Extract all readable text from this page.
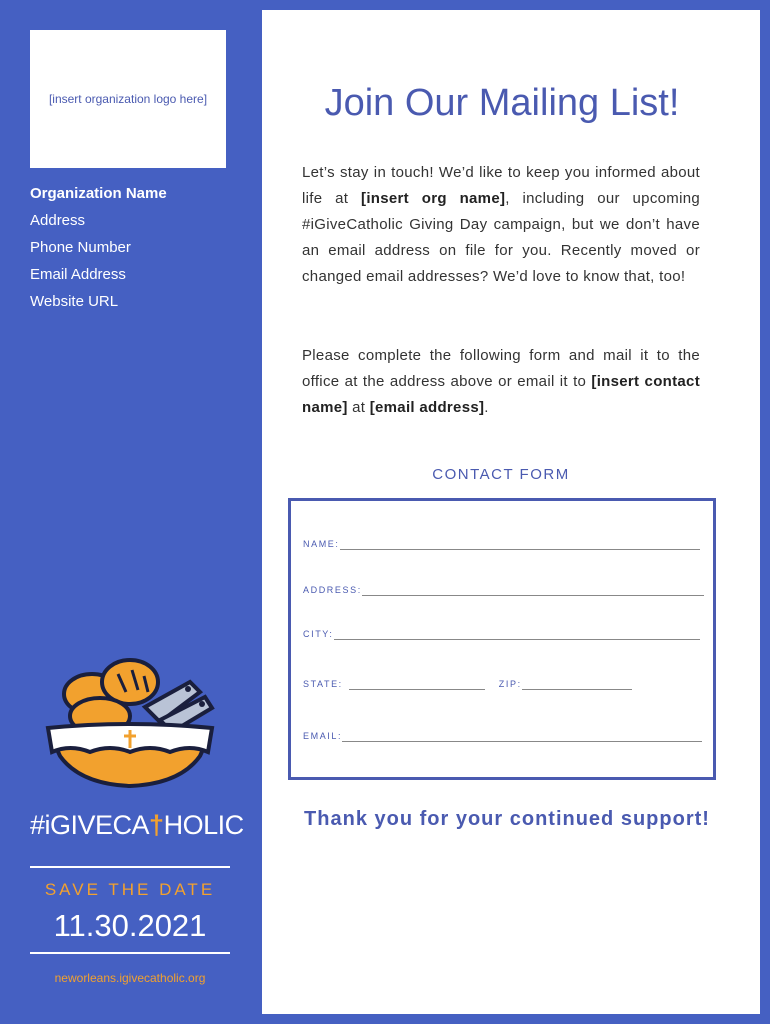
[insert organization logo here]
Organization Name
Address
Phone Number
Email Address
Website URL
#iGIVECA†HOLIC
SAVE THE DATE
11.30.2021
neworleans.igivecatholic.org
Join Our Mailing List!
Let’s stay in touch! We’d like to keep you informed about life at [insert org name], including our upcoming #iGiveCatholic Giving Day campaign, but we don’t have an email address on file for you. Recently moved or changed email addresses? We’d love to know that, too!
Please complete the following form and mail it to the office at the address above or email it to [insert contact name] at [email address].
CONTACT FORM
NAME:
ADDRESS:
CITY:
STATE:	ZIP:
EMAIL:
Thank you for your continued support!
